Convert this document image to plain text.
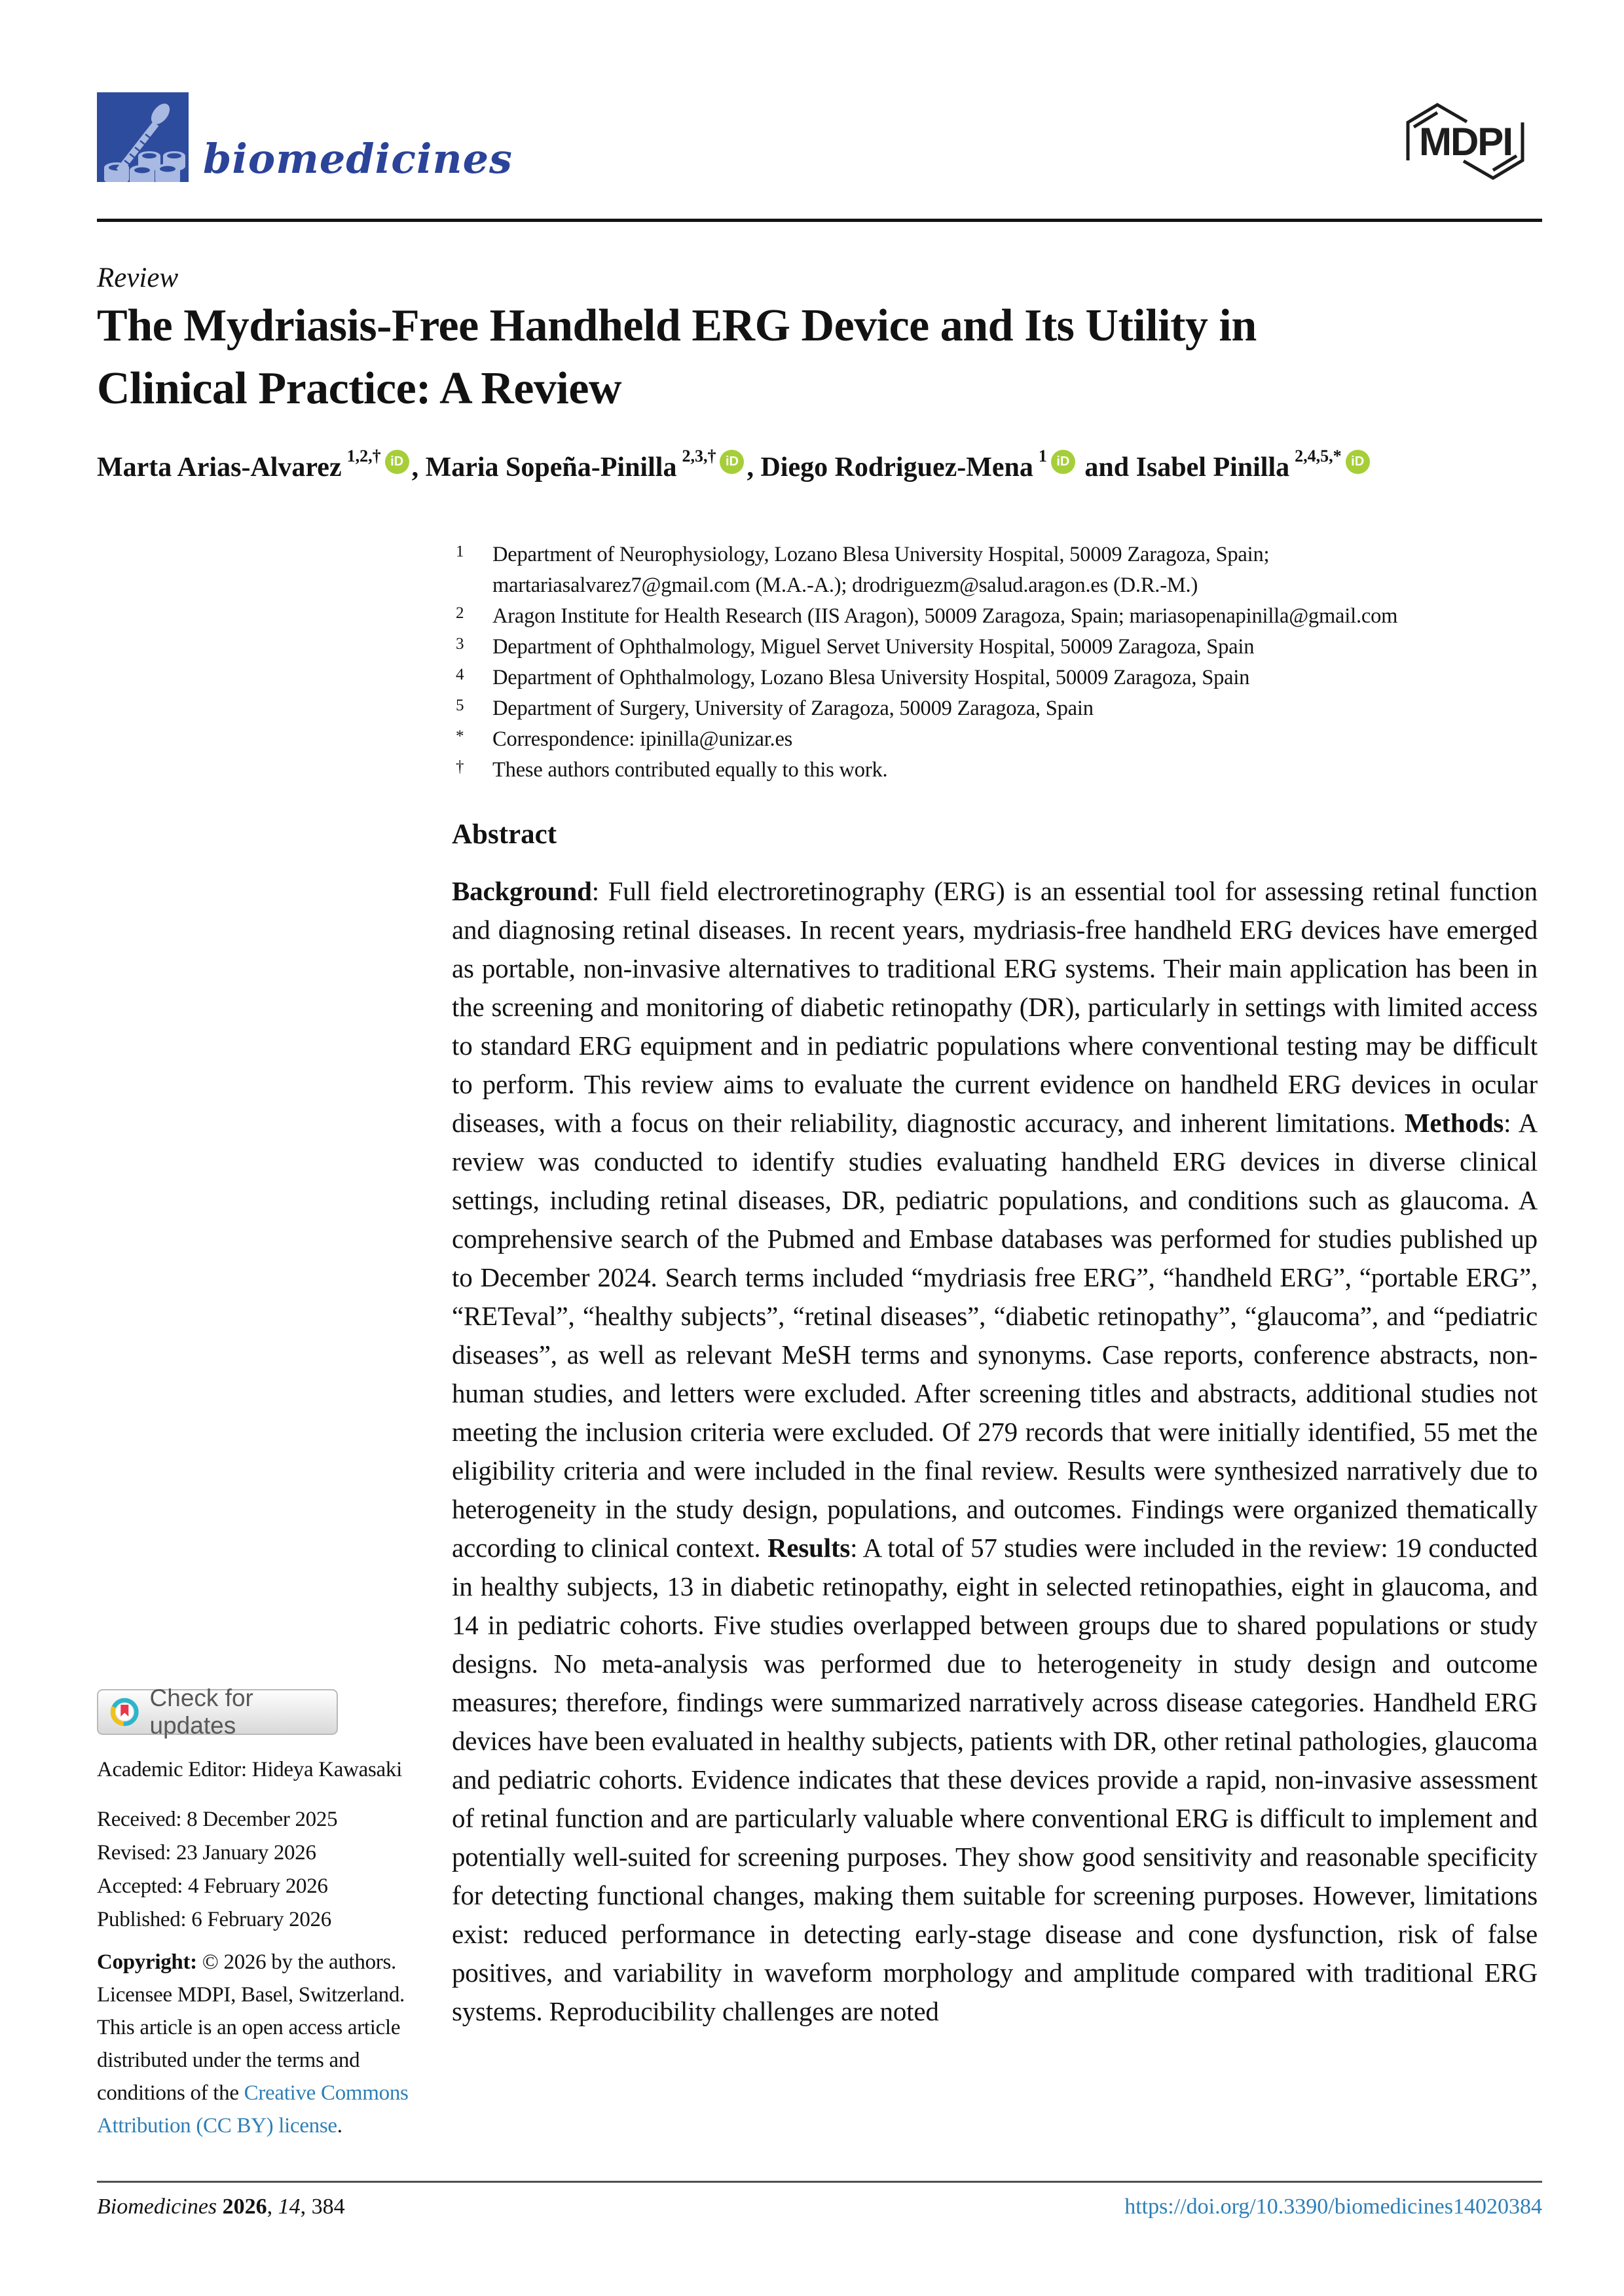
biomedicines	MDPI
Review
The Mydriasis-Free Handheld ERG Device and Its Utility in
Clinical Practice: A Review
Marta Arias-Alvarez $^{1,2,\dagger}$ iD , Maria Sopeña-Pinilla $^{2,3,\dagger}$ iD , Diego Rodriguez-Mena $^1$ iD and Isabel Pinilla $^{2,4,5,*}$ iD
1 Department of Neurophysiology, Lozano Blesa University Hospital, 50009 Zaragoza, Spain;
martariasalvarez7@gmail.com (M.A.-A.); drodriguezm@salud.aragon.es (D.R.-M.)
2 Aragon Institute for Health Research (IIS Aragon), 50009 Zaragoza, Spain; mariasopenapinilla@gmail.com
3 Department of Ophthalmology, Miguel Servet University Hospital, 50009 Zaragoza, Spain
4 Department of Ophthalmology, Lozano Blesa University Hospital, 50009 Zaragoza, Spain
5 Department of Surgery, University of Zaragoza, 50009 Zaragoza, Spain
* Correspondence: ipinilla@unizar.es
† These authors contributed equally to this work.
Abstract
Background: Full field electroretinography (ERG) is an essential tool for assessing retinal function and diagnosing retinal diseases. In recent years, mydriasis-free handheld ERG devices have emerged as portable, non-invasive alternatives to traditional ERG systems. Their main application has been in the screening and monitoring of diabetic retinopathy (DR), particularly in settings with limited access to standard ERG equipment and in pediatric populations where conventional testing may be difficult to perform. This review aims to evaluate the current evidence on handheld ERG devices in ocular diseases, with a focus on their reliability, diagnostic accuracy, and inherent limitations. Methods: A review was conducted to identify studies evaluating handheld ERG devices in diverse clinical settings, including retinal diseases, DR, pediatric populations, and conditions such as glaucoma. A comprehensive search of the Pubmed and Embase databases was performed for studies published up to December 2024. Search terms included “mydriasis free ERG”, “handheld ERG”, “portable ERG”, “RETeval”, “healthy subjects”, “retinal diseases”, “diabetic retinopathy”, “glaucoma”, and “pediatric diseases”, as well as relevant MeSH terms and synonyms. Case reports, conference abstracts, non-human studies, and letters were excluded. After screening titles and abstracts, additional studies not meeting the inclusion criteria were excluded. Of 279 records that were initially identified, 55 met the eligibility criteria and were included in the final review. Results were synthesized narratively due to heterogeneity in the study design, populations, and outcomes. Findings were organized thematically according to clinical context. Results: A total of 57 studies were included in the review: 19 conducted in healthy subjects, 13 in diabetic retinopathy, eight in selected retinopathies, eight in glaucoma, and 14 in pediatric cohorts. Five studies overlapped between groups due to shared populations or study designs. No meta-analysis was performed due to heterogeneity in study design and outcome measures; therefore, findings were summarized narratively across disease categories. Handheld ERG devices have been evaluated in healthy subjects, patients with DR, other retinal pathologies, glaucoma and pediatric cohorts. Evidence indicates that these devices provide a rapid, non-invasive assessment of retinal function and are particularly valuable where conventional ERG is difficult to implement and potentially well-suited for screening purposes. They show good sensitivity and reasonable specificity for detecting functional changes, making them suitable for screening purposes. However, limitations exist: reduced performance in detecting early-stage disease and cone dysfunction, risk of false positives, and variability in waveform morphology and amplitude compared with traditional ERG systems. Reproducibility challenges are noted
Check for updates
Academic Editor: Hideya Kawasaki
Received: 8 December 2025
Revised: 23 January 2026
Accepted: 4 February 2026
Published: 6 February 2026
Copyright: © 2026 by the authors.
Licensee MDPI, Basel, Switzerland.
This article is an open access article
distributed under the terms and
conditions of the Creative Commons
Attribution (CC BY) license.
Biomedicines 2026, 14, 384	https://doi.org/10.3390/biomedicines14020384
